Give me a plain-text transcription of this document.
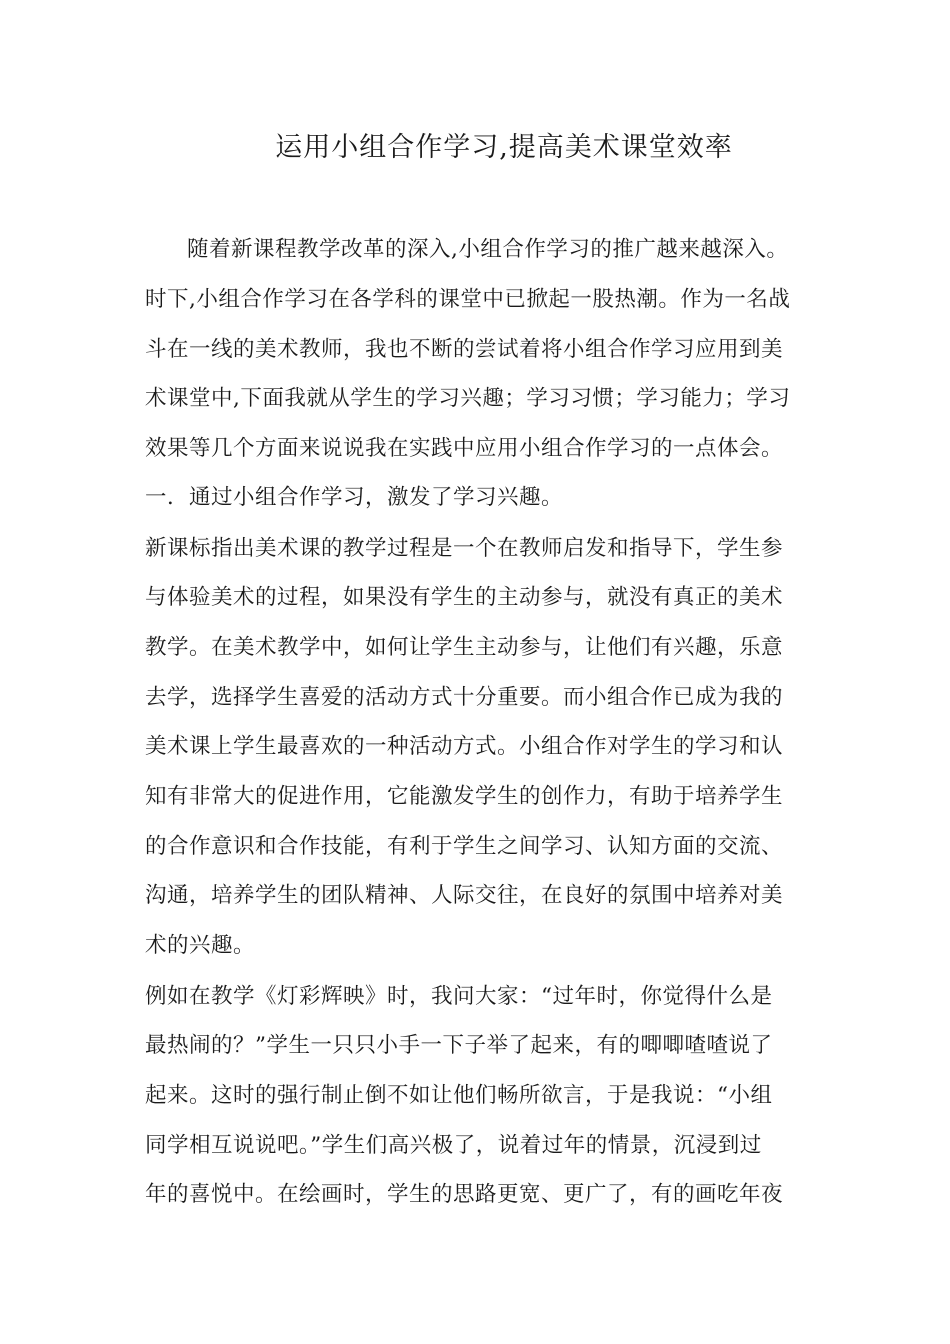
运用小组合作学习,提高美术课堂效率
随着新课程教学改革的深入,小组合作学习的推广越来越深入。
时下,小组合作学习在各学科的课堂中已掀起一股热潮。作为一名战
斗在一线的美术教师，我也不断的尝试着将小组合作学习应用到美
术课堂中,下面我就从学生的学习兴趣；学习习惯；学习能力；学习
效果等几个方面来说说我在实践中应用小组合作学习的一点体会。
一．通过小组合作学习，激发了学习兴趣。
新课标指出美术课的教学过程是一个在教师启发和指导下，学生参
与体验美术的过程，如果没有学生的主动参与，就没有真正的美术
教学。在美术教学中，如何让学生主动参与，让他们有兴趣，乐意
去学，选择学生喜爱的活动方式十分重要。而小组合作已成为我的
美术课上学生最喜欢的一种活动方式。小组合作对学生的学习和认
知有非常大的促进作用，它能激发学生的创作力，有助于培养学生
的合作意识和合作技能，有利于学生之间学习、认知方面的交流、
沟通，培养学生的团队精神、人际交往，在良好的氛围中培养对美
术的兴趣。
例如在教学《灯彩辉映》时，我问大家：“过年时，你觉得什么是
最热闹的？”学生一只只小手一下子举了起来，有的唧唧喳喳说了
起来。这时的强行制止倒不如让他们畅所欲言，于是我说：“小组
同学相互说说吧。”学生们高兴极了，说着过年的情景，沉浸到过
年的喜悦中。在绘画时，学生的思路更宽、更广了，有的画吃年夜
